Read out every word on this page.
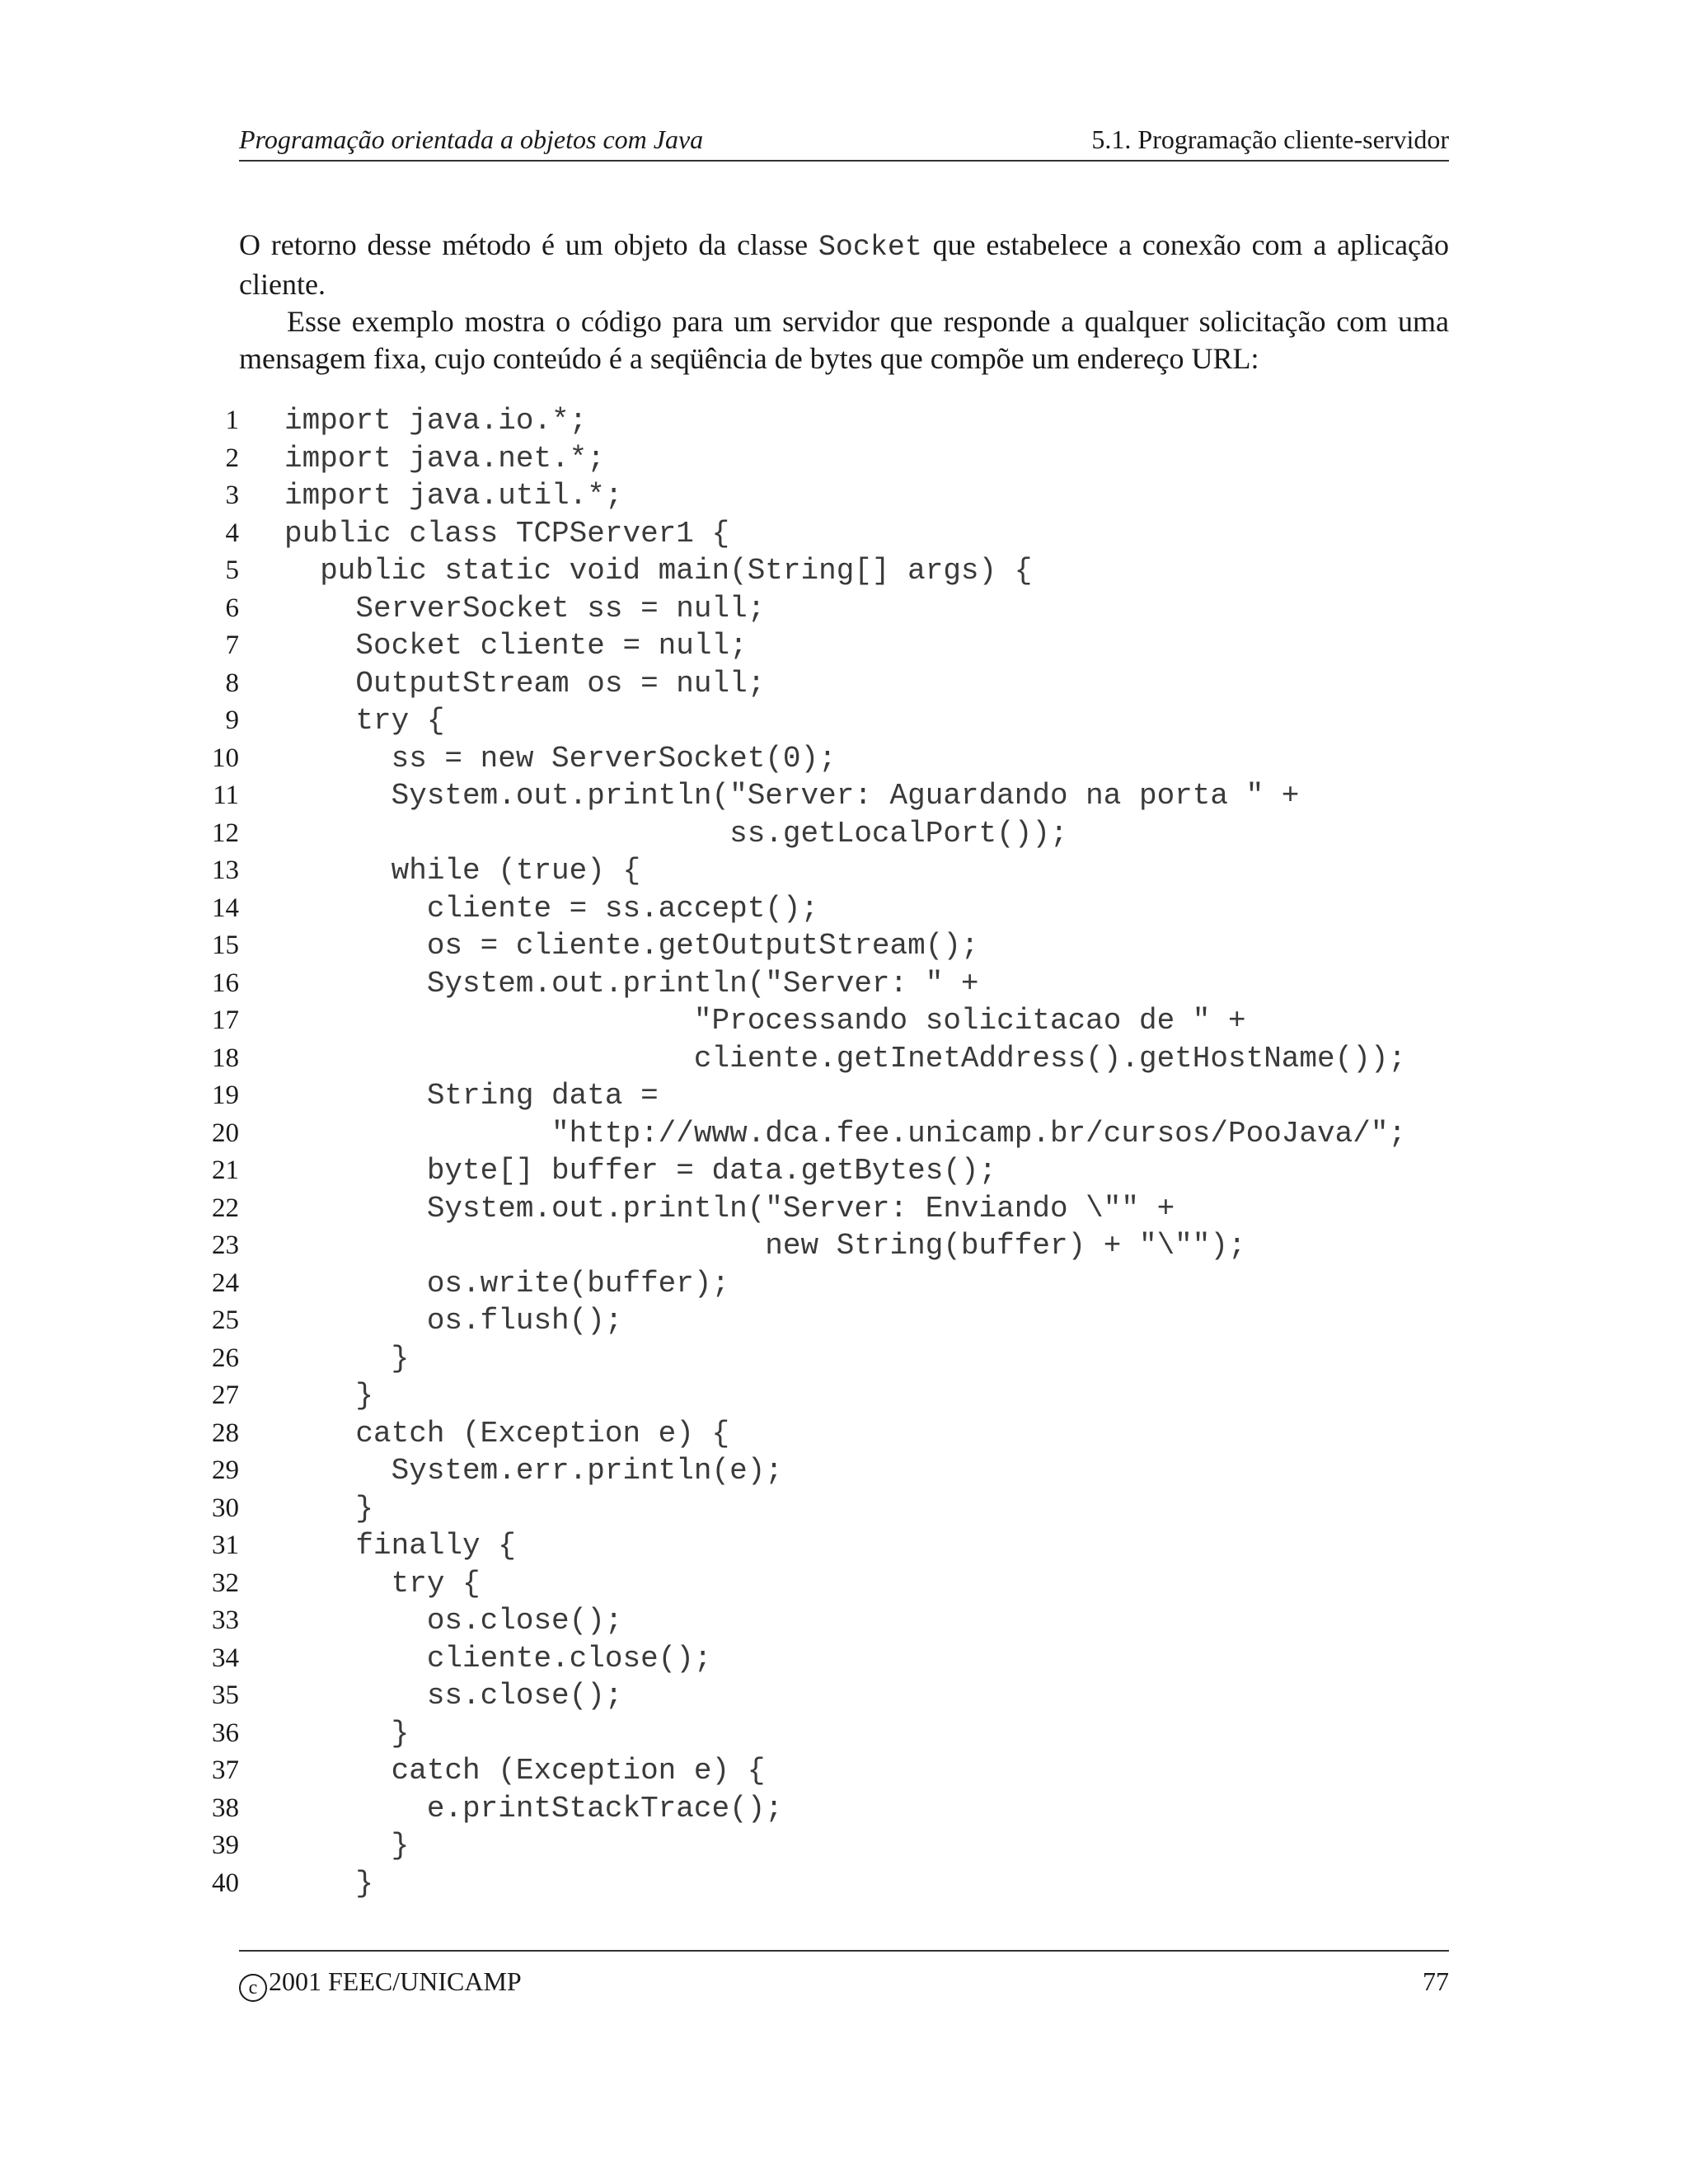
Programação orientada a objetos com Java	5.1. Programação cliente-servidor

O retorno desse método é um objeto da classe Socket que estabelece a conexão com a aplicação cliente.

Esse exemplo mostra o código para um servidor que responde a qualquer solicitação com uma mensagem fixa, cujo conteúdo é a seqüência de bytes que compõe um endereço URL:

1 import java.io.*;
2 import java.net.*;
3 import java.util.*;
4 public class TCPServer1 {
5  public static void main(String[] args) {
6    ServerSocket ss = null;
7    Socket cliente = null;
8    OutputStream os = null;
9    try {
10      ss = new ServerSocket(0);
11      System.out.println("Server: Aguardando na porta " +
12                         ss.getLocalPort());
13      while (true) {
14        cliente = ss.accept();
15        os = cliente.getOutputStream();
16        System.out.println("Server: " +
17                       "Processando solicitacao de " +
18                       cliente.getInetAddress().getHostName());
19        String data =
20               "http://www.dca.fee.unicamp.br/cursos/PooJava/";
21        byte[] buffer = data.getBytes();
22        System.out.println("Server: Enviando \"" +
23                           new String(buffer) + "\"");
24        os.write(buffer);
25        os.flush();
26      }
27    }
28    catch (Exception e) {
29      System.err.println(e);
30    }
31    finally {
32      try {
33        os.close();
34        cliente.close();
35        ss.close();
36      }
37      catch (Exception e) {
38        e.printStackTrace();
39      }
40    }
c 2001 FEEC/UNICAMP	77
